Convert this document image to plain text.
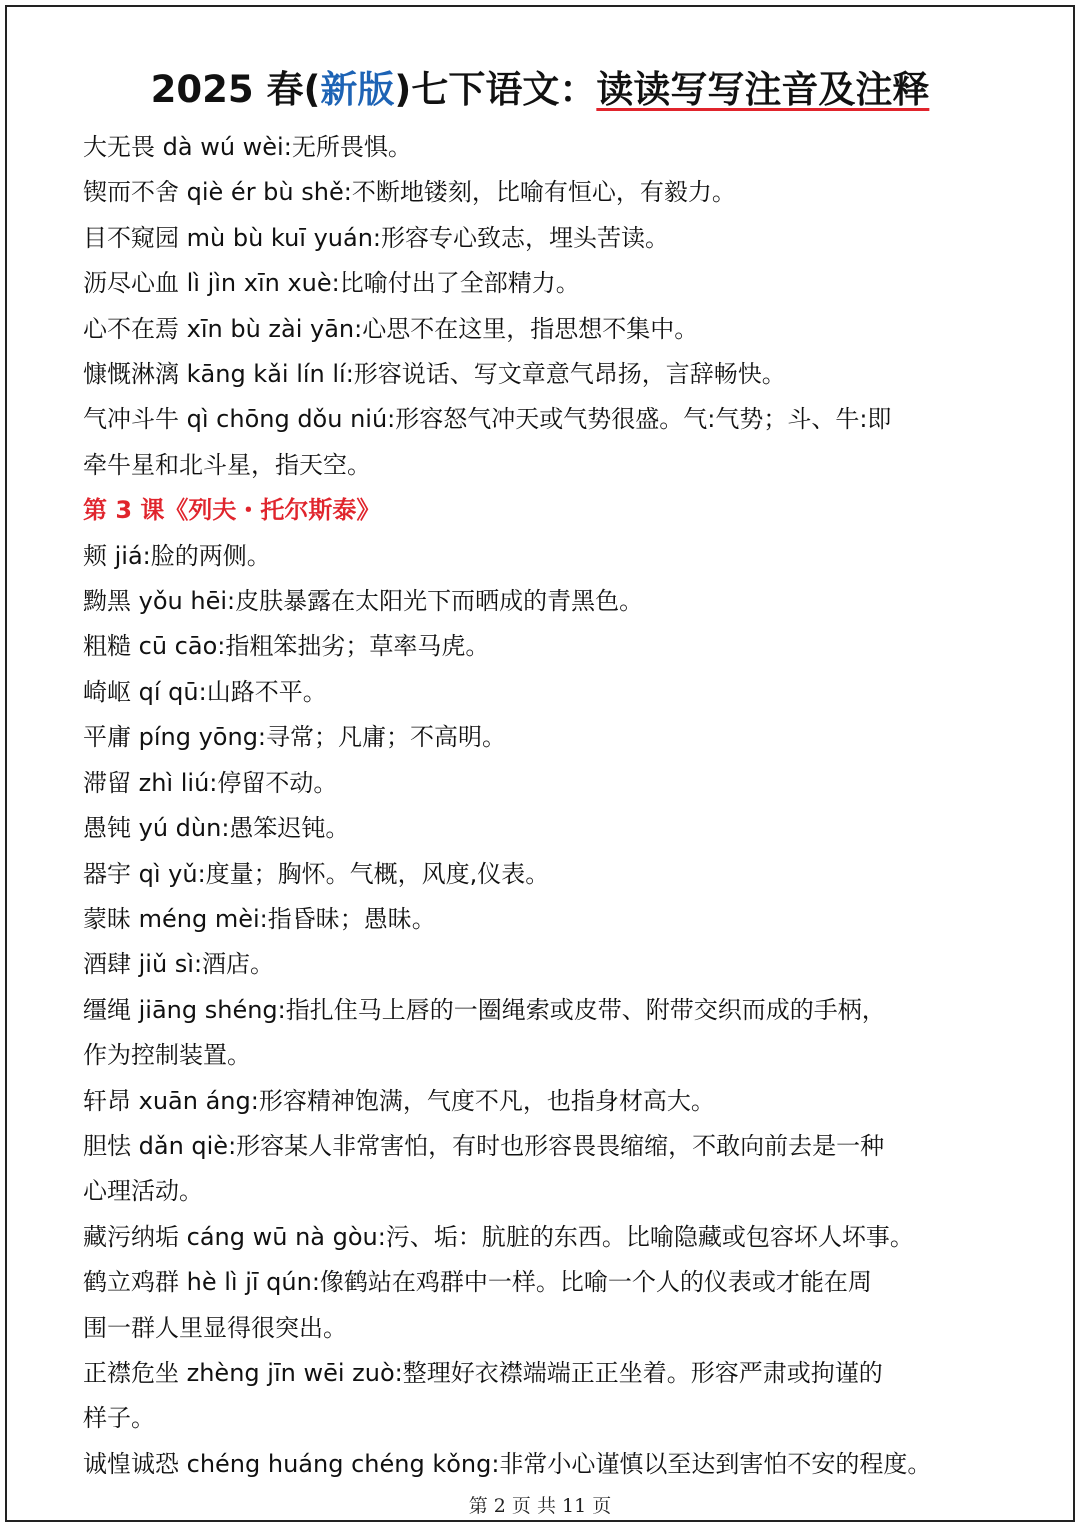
2025 春(新版)七下语文：读读写写注音及注释
大无畏 dà wú wèi:无所畏惧。
锲而不舍 qiè ér bù shě:不断地镂刻，比喻有恒心，有毅力。
目不窥园 mù bù kuī yuán:形容专心致志，埋头苦读。
沥尽心血 lì jìn xīn xuè:比喻付出了全部精力。
心不在焉 xīn bù zài yān:心思不在这里，指思想不集中。
慷慨淋漓 kāng kǎi lín lí:形容说话、写文章意气昂扬，言辞畅快。
气冲斗牛 qì chōng dǒu niú:形容怒气冲天或气势很盛。气:气势；斗、牛:即
牵牛星和北斗星，指天空。
第 3 课《列夫・托尔斯泰》
颊 jiá:脸的两侧。
黝黑 yǒu hēi:皮肤暴露在太阳光下而晒成的青黑色。
粗糙 cū cāo:指粗笨拙劣；草率马虎。
崎岖 qí qū:山路不平。
平庸 píng yōng:寻常；凡庸；不高明。
滞留 zhì liú:停留不动。
愚钝 yú dùn:愚笨迟钝。
器宇 qì yǔ:度量；胸怀。气概，风度,仪表。
蒙昧 méng mèi:指昏昧；愚昧。
酒肆 jiǔ sì:酒店。
缰绳 jiāng shéng:指扎住马上唇的一圈绳索或皮带、附带交织而成的手柄，
作为控制装置。
轩昂 xuān áng:形容精神饱满，气度不凡，也指身材高大。
胆怯 dǎn qiè:形容某人非常害怕，有时也形容畏畏缩缩，不敢向前去是一种
心理活动。
藏污纳垢 cáng wū nà gòu:污、垢：肮脏的东西。比喻隐藏或包容坏人坏事。
鹤立鸡群 hè lì jī qún:像鹤站在鸡群中一样。比喻一个人的仪表或才能在周
围一群人里显得很突出。
正襟危坐 zhèng jīn wēi zuò:整理好衣襟端端正正坐着。形容严肃或拘谨的
样子。
诚惶诚恐 chéng huáng chéng kǒng:非常小心谨慎以至达到害怕不安的程度。
第 2 页 共 11 页
